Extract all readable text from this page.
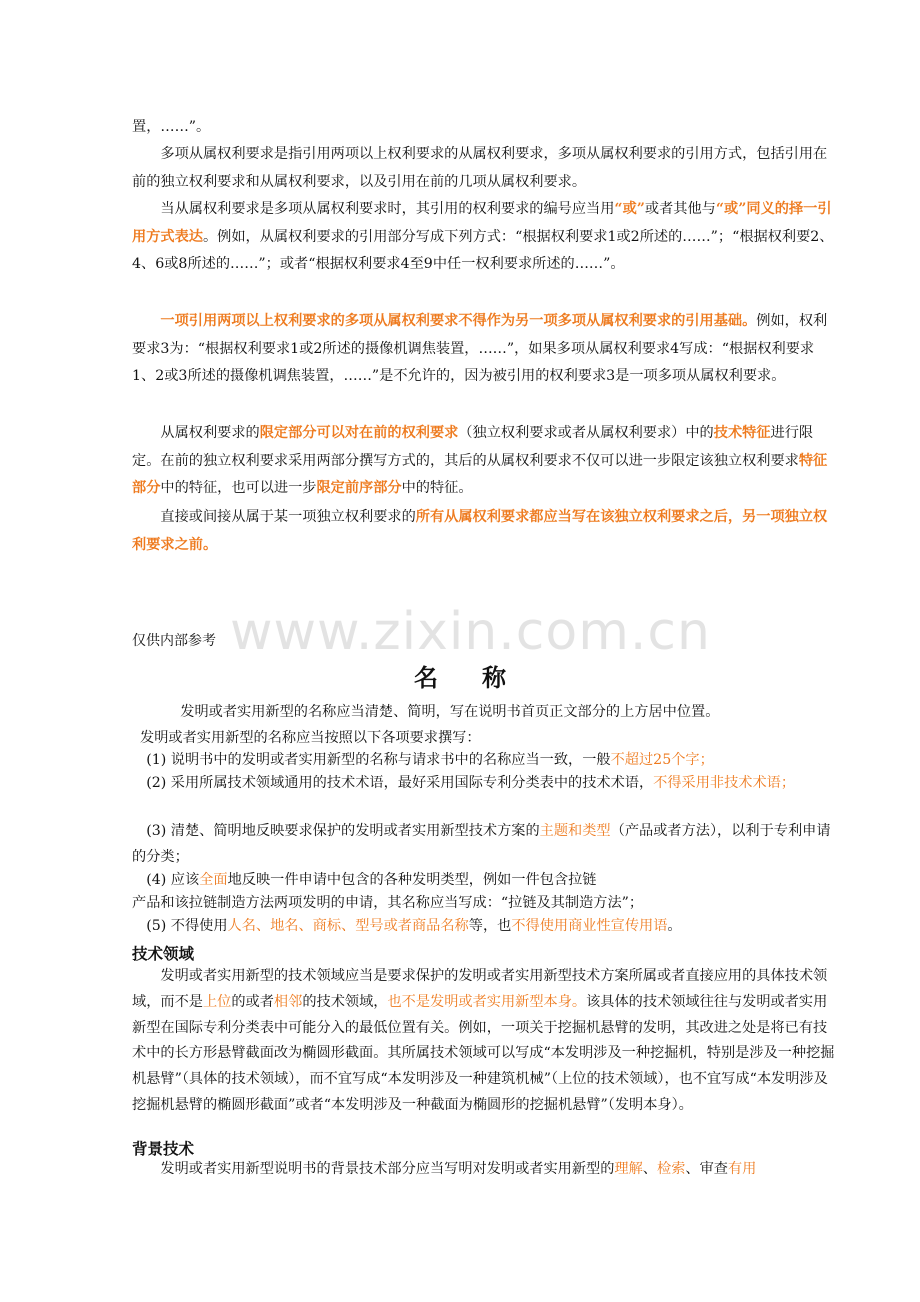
置，……”。

多项从属权利要求是指引用两项以上权利要求的从属权利要求，多项从属权利要求的引用方式，包括引用在前的独立权利要求和从属权利要求，以及引用在前的几项从属权利要求。

当从属权利要求是多项从属权利要求时，其引用的权利要求的编号应当用“或”或者其他与“或”同义的择一引用方式表达。例如，从属权利要求的引用部分写成下列方式：“根据权利要求1或2所述的……”；“根据权利要2、4、6或8所述的……”；或者“根据权利要求4至9中任一权利要求所述的……”。

一项引用两项以上权利要求的多项从属权利要求不得作为另一项多项从属权利要求的引用基础。例如，权利要求3为：“根据权利要求1或2所述的摄像机调焦装置，……”，如果多项从属权利要求4写成：“根据权利要求1、2或3所述的摄像机调焦装置，……”是不允许的，因为被引用的权利要求3是一项多项从属权利要求。

从属权利要求的限定部分可以对在前的权利要求（独立权利要求或者从属权利要求）中的技术特征进行限定。在前的独立权利要求采用两部分撰写方式的，其后的从属权利要求不仅可以进一步限定该独立权利要求特征部分中的特征，也可以进一步限定前序部分中的特征。

直接或间接从属于某一项独立权利要求的所有从属权利要求都应当写在该独立权利要求之后，另一项独立权利要求之前。

www.zixin.com.cn
仅供内部参考
名称

发明或者实用新型的名称应当清楚、简明，写在说明书首页正文部分的上方居中位置。

发明或者实用新型的名称应当按照以下各项要求撰写：

(1) 说明书中的发明或者实用新型的名称与请求书中的名称应当一致，一般不超过25个字；

(2) 采用所属技术领域通用的技术术语，最好采用国际专利分类表中的技术术语，不得采用非技术术语；

(3) 清楚、简明地反映要求保护的发明或者实用新型技术方案的主题和类型（产品或者方法），以利于专利申请的分类；

(4) 应该全面地反映一件申请中包含的各种发明类型，例如一件包含拉链

产品和该拉链制造方法两项发明的申请，其名称应当写成：“拉链及其制造方法”；

(5) 不得使用人名、地名、商标、型号或者商品名称等，也不得使用商业性宣传用语。

技术领域

发明或者实用新型的技术领域应当是要求保护的发明或者实用新型技术方案所属或者直接应用的具体技术领域，而不是上位的或者相邻的技术领域，也不是发明或者实用新型本身。该具体的技术领域往往与发明或者实用新型在国际专利分类表中可能分入的最低位置有关。例如，一项关于挖掘机悬臂的发明，其改进之处是将已有技术中的长方形悬臂截面改为椭圆形截面。其所属技术领域可以写成“本发明涉及一种挖掘机，特别是涉及一种挖掘机悬臂”（具体的技术领域），而不宜写成“本发明涉及一种建筑机械”（上位的技术领域），也不宜写成“本发明涉及挖掘机悬臂的椭圆形截面”或者“本发明涉及一种截面为椭圆形的挖掘机悬臂”（发明本身）。

背景技术

发明或者实用新型说明书的背景技术部分应当写明对发明或者实用新型的理解、检索、审查有用
